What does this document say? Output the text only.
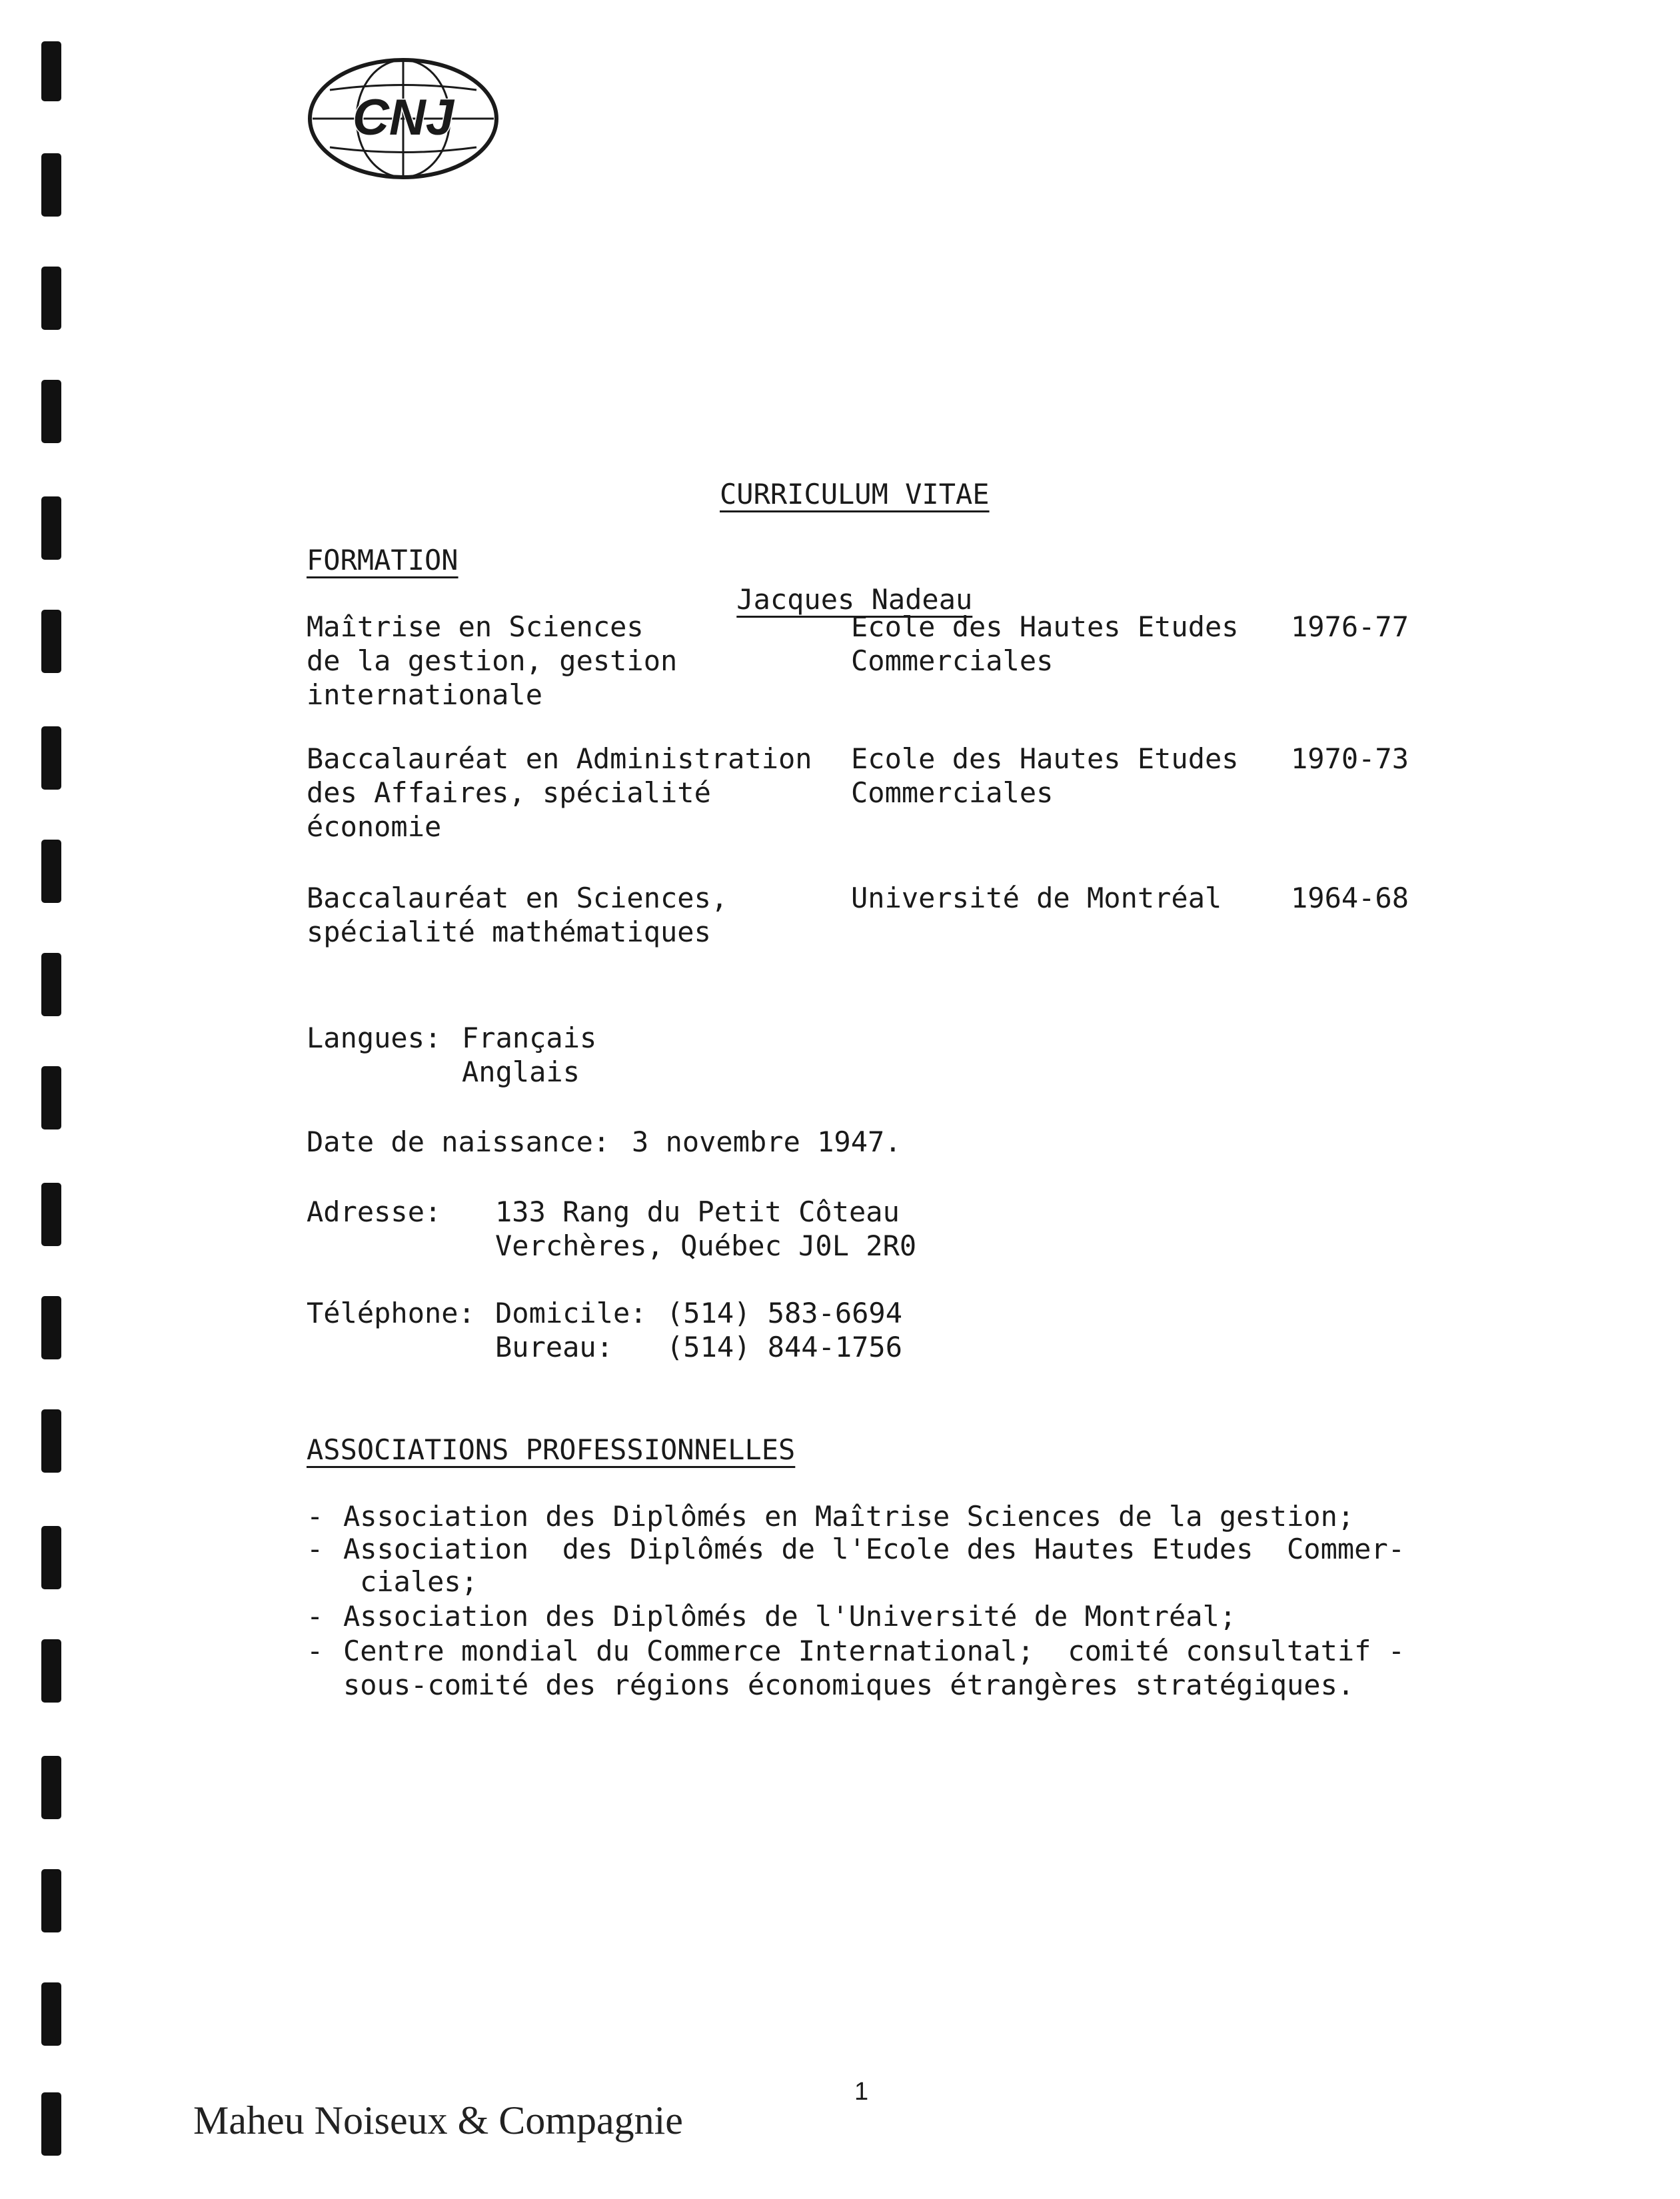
CNJ

CURRICULUM VITAE

Jacques Nadeau

FORMATION
Maîtrise en Sciences
de la gestion, gestion
internationale
Ecole des Hautes Etudes
Commerciales
1976-77
Baccalauréat en Administration
des Affaires, spécialité
économie
Ecole des Hautes Etudes
Commerciales
1970-73
Baccalauréat en Sciences,
spécialité mathématiques
Université de Montréal 1964-68
Langues: Français
Anglais
Date de naissance: 3 novembre 1947.
Adresse: 133 Rang du Petit Côteau
Verchères, Québec J0L 2R0
Téléphone: Domicile: (514) 583-6694
Bureau: (514) 844-1756
ASSOCIATIONS PROFESSIONNELLES
- Association des Diplômés en Maîtrise Sciences de la gestion;
- Association  des Diplômés de l'Ecole des Hautes Etudes  Commer-
ciales;
- Association des Diplômés de l'Université de Montréal;
- Centre mondial du Commerce International;  comité consultatif -
sous-comité des régions économiques étrangères stratégiques.
1
Maheu Noiseux & Compagnie
